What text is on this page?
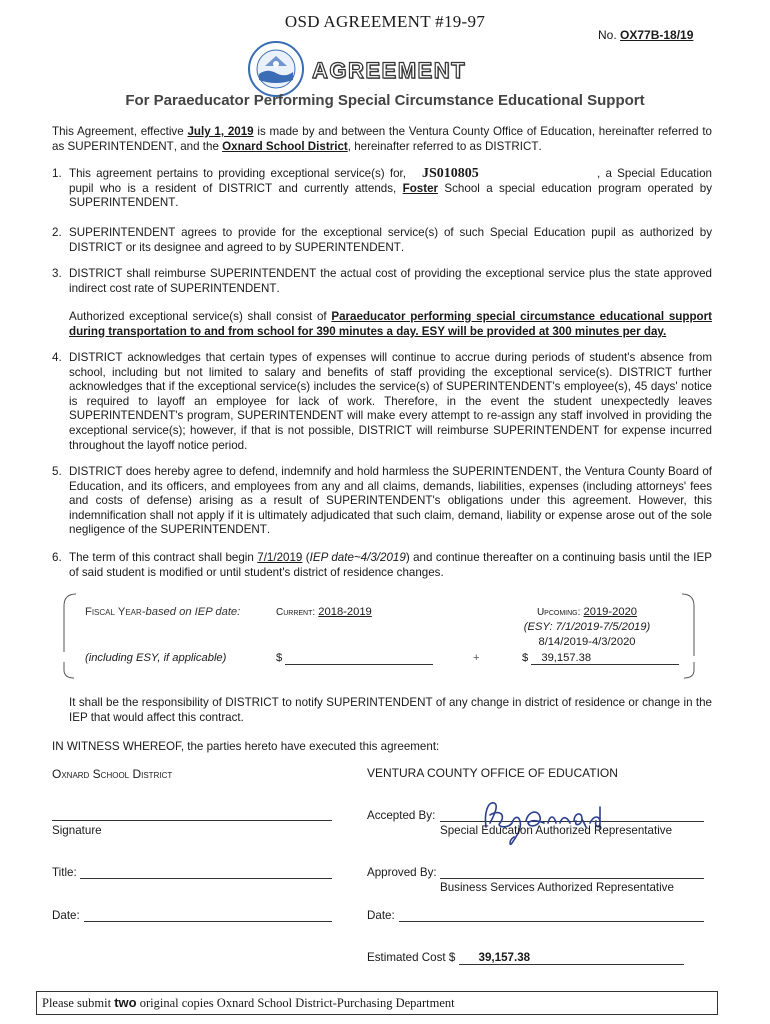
OSD AGREEMENT #19-97
No. OX77B-18/19
AGREEMENT
For Paraeducator Performing Special Circumstance Educational Support
This Agreement, effective July 1, 2019 is made by and between the Ventura County Office of Education, hereinafter referred to as SUPERINTENDENT, and the Oxnard School District, hereinafter referred to as DISTRICT.
1. This agreement pertains to providing exceptional service(s) for, JS010805	, a Special Education pupil who is a resident of DISTRICT and currently attends, Foster School a special education program operated by SUPERINTENDENT.
2. SUPERINTENDENT agrees to provide for the exceptional service(s) of such Special Education pupil as authorized by DISTRICT or its designee and agreed to by SUPERINTENDENT.
3. DISTRICT shall reimburse SUPERINTENDENT the actual cost of providing the exceptional service plus the state approved indirect cost rate of SUPERINTENDENT.
Authorized exceptional service(s) shall consist of Paraeducator performing special circumstance educational support during transportation to and from school for 390 minutes a day. ESY will be provided at 300 minutes per day.
4. DISTRICT acknowledges that certain types of expenses will continue to accrue during periods of student's absence from school, including but not limited to salary and benefits of staff providing the exceptional service(s). DISTRICT further acknowledges that if the exceptional service(s) includes the service(s) of SUPERINTENDENT's employee(s), 45 days' notice is required to layoff an employee for lack of work. Therefore, in the event the student unexpectedly leaves SUPERINTENDENT's program, SUPERINTENDENT will make every attempt to re-assign any staff involved in providing the exceptional service(s); however, if that is not possible, DISTRICT will reimburse SUPERINTENDENT for expense incurred throughout the layoff notice period.
5. DISTRICT does hereby agree to defend, indemnify and hold harmless the SUPERINTENDENT, the Ventura County Board of Education, and its officers, and employees from any and all claims, demands, liabilities, expenses (including attorneys' fees and costs of defense) arising as a result of SUPERINTENDENT's obligations under this agreement. However, this indemnification shall not apply if it is ultimately adjudicated that such claim, demand, liability or expense arose out of the sole negligence of the SUPERINTENDENT.
6. The term of this contract shall begin 7/1/2019 (IEP date~4/3/2019) and continue thereafter on a continuing basis until the IEP of said student is modified or until student's district of residence changes.
Fiscal Year-based on IEP date:	Current: 2018-2019	Upcoming: 2019-2020
(ESY: 7/1/2019-7/5/2019)
8/14/2019-4/3/2020
(including ESY, if applicable)	$	+	$ 39,157.38
It shall be the responsibility of DISTRICT to notify SUPERINTENDENT of any change in district of residence or change in the IEP that would affect this contract.
IN WITNESS WHEREOF, the parties hereto have executed this agreement:
Oxnard School District	VENTURA COUNTY OFFICE OF EDUCATION
Signature
Title:
Date:
Accepted By:
Special Education Authorized Representative
Approved By:
Business Services Authorized Representative
Date:
Estimated Cost $ 39,157.38
Please submit two original copies Oxnard School District-Purchasing Department
